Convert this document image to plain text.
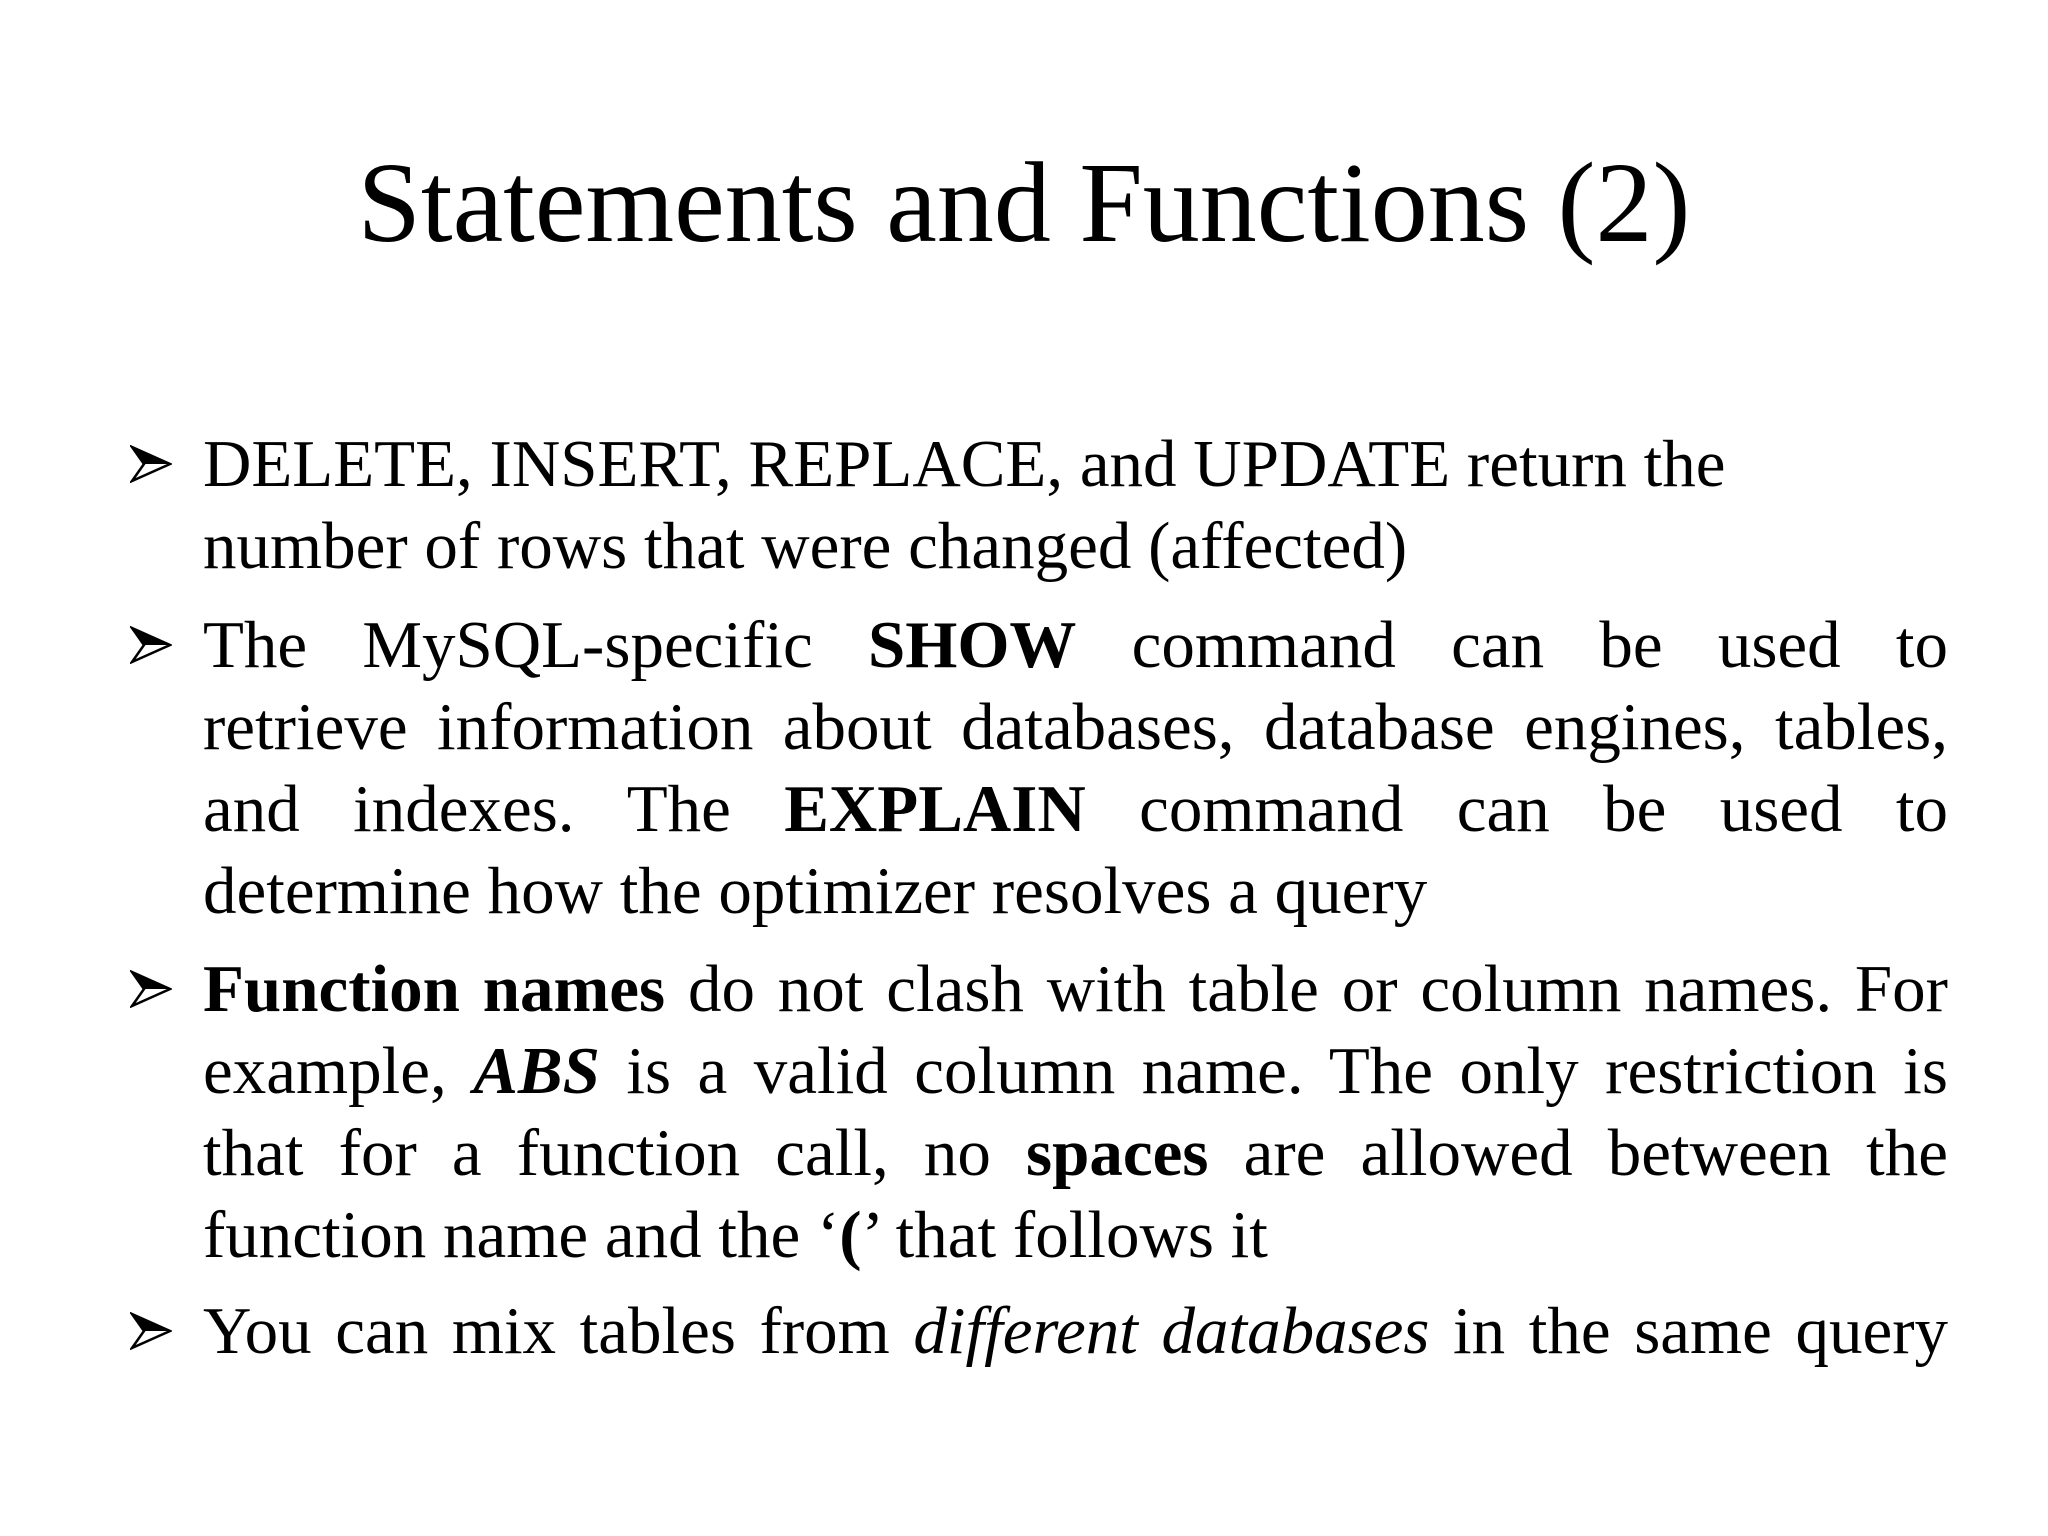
Statements and Functions (2)
DELETE, INSERT, REPLACE, and UPDATE return the
number of rows that were changed (affected)
The MySQL-specific SHOW command can be used to
retrieve information about databases, database engines, tables,
and indexes. The EXPLAIN command can be used to
determine how the optimizer resolves a query
Function names do not clash with table or column names. For
example, ABS is a valid column name. The only restriction is
that for a function call, no spaces are allowed between the
function name and the ‘(’ that follows it
You can mix tables from different databases in the same query
